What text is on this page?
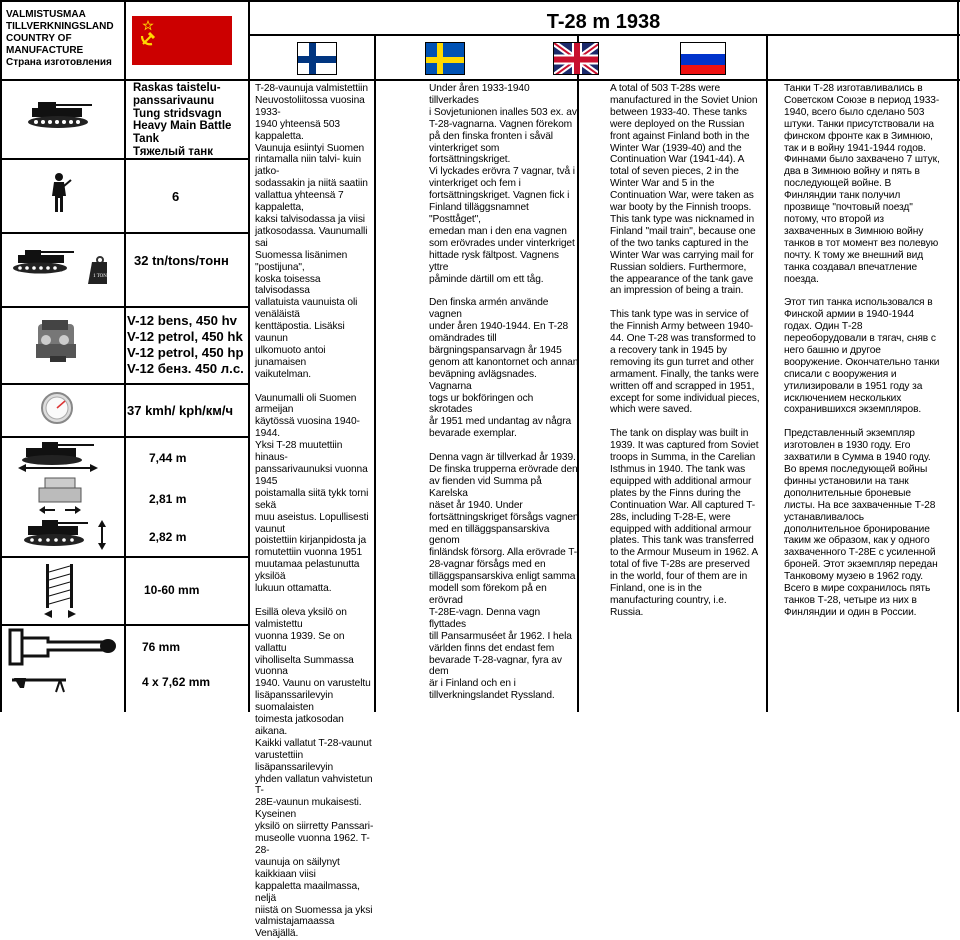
VALMISTUSMAA
TILLVERKNINGSLAND
COUNTRY OF
MANUFACTURE
Страна изготовления
T-28 m 1938
1 TON
Raskas taistelu-
panssarivaunu
Tung stridsvagn
Heavy Main Battle
Tank
Тяжелый танк
6
32 tn/tons/тонн
V-12 bens, 450 hv
V-12 petrol, 450 hk
V-12 petrol, 450 hp
V-12 бенз. 450 л.с.
37 kmh/ kph/км/ч
7,44 m
2,81 m
2,82 m
10-60 mm
76 mm
4 x 7,62 mm
T-28-vaunuja valmistettiin
Neuvostoliitossa vuosina 1933-
1940 yhteensä 503 kappaletta.
Vaunuja esiintyi Suomen
rintamalla niin talvi- kuin jatko-
sodassakin ja niitä saatiin
vallattua yhteensä 7 kappaletta,
kaksi talvisodassa ja viisi
jatkosodassa. Vaunumalli sai
Suomessa lisänimen "postijuna",
koska toisessa talvisodassa
vallatuista vaunuista oli venäläistä
kenttäpostia. Lisäksi vaunun
ulkomuoto antoi junamaisen
vaikutelman.

Vaunumalli oli Suomen armeijan
käytössä vuosina 1940-1944.
Yksi T-28 muutettiin hinaus-
panssarivaunuksi vuonna 1945
poistamalla siitä tykk torni sekä
muu aseistus. Lopullisesti vaunut
poistettiin kirjanpidosta ja
romutettiin vuonna 1951
muutamaa pelastunutta yksilöä
lukuun ottamatta.

Esillä oleva yksilö on valmistettu
vuonna 1939. Se on vallattu
viholliselta Summassa vuonna
1940. Vaunu on varusteltu
lisäpanssarilevyin suomalaisten
toimesta jatkosodan aikana.
Kaikki vallatut T-28-vaunut
varustettiin lisäpanssarilevyin
yhden vallatun vahvistetun T-
28E-vaunun mukaisesti. Kyseinen
yksilö on siirretty Panssari-
museolle vuonna 1962. T-28-
vaunuja on säilynyt kaikkiaan viisi
kappaletta maailmassa, neljä
niistä on Suomessa ja yksi
valmistajamaassa Venäjällä.
Under åren 1933-1940 tillverkades
i Sovjetunionen inalles 503 ex. av
T-28-vagnarna. Vagnen förekom
på den finska fronten i såväl
vinterkriget som fortsättningskriget.
Vi lyckades erövra 7 vagnar, två i
vinterkriget och fem i
fortsättningskriget. Vagnen fick i
Finland tilläggsnamnet "Posttåget",
emedan man i den ena vagnen
som erövrades under vinterkriget
hittade rysk fältpost. Vagnens yttre
påminde därtill om ett tåg.

Den finska armén använde vagnen
under åren 1940-1944. En T-28
omändrades till
bärgningspansarvagn år 1945
genom att kanontornet och annan
beväpning avlägsnades. Vagnarna
togs ur bokföringen och skrotades
år 1951 med undantag av några
bevarade exemplar.

Denna vagn är tillverkad år 1939.
De finska trupperna erövrade den
av fienden vid Summa på Karelska
näset år 1940. Under
fortsättningskriget försågs vagnen
med en tilläggspansarskiva genom
finländsk försorg. Alla erövrade T-
28-vagnar försågs med en
tilläggspansarskiva enligt samma
modell som förekom på en erövrad
T-28E-vagn. Denna vagn flyttades
till Pansarmuséet år 1962. I hela
världen finns det endast fem
bevarade T-28-vagnar, fyra av dem
är i Finland och en i
tillverkningslandet Ryssland.
A total of 503 T-28s were
manufactured in the Soviet Union
between 1933-40. These tanks
were deployed on the Russian
front against Finland both in the
Winter War (1939-40) and the
Continuation War (1941-44). A
total of seven pieces, 2 in the
Winter War and 5 in the
Continuation War, were taken as
war booty by the Finnish troops.
This tank type was nicknamed in
Finland "mail train", because one
of the two tanks captured in the
Winter War was carrying mail for
Russian soldiers. Furthermore,
the appearance of the tank gave
an impression of being a train.

This tank type was in service of
the Finnish Army between 1940-
44. One T-28 was transformed to
a recovery tank in 1945 by
removing its gun turret and other
armament. Finally, the tanks were
written off and scrapped in 1951,
except for some individual pieces,
which were saved.

The tank on display was built in
1939. It was captured from Soviet
troops in Summa, in the Carelian
Isthmus in 1940. The tank was
equipped with additional armour
plates by the Finns during the
Continuation War. All captured T-
28s, including T-28-E, were
equipped with additional armour
plates. This tank was transferred
to the Armour Museum in 1962. A
total of five T-28s are preserved
in the world, four of them are in
Finland, one is in the
manufacturing country, i.e.
Russia.
Танки Т-28 изготавливались в
Советском Союзе в период 1933-
1940, всего было сделано 503
штуки. Танки присутствовали на
финском фронте как в Зимнюю,
так и в войну 1941-1944 годов.
Финнами было захвачено 7 штук,
два в Зимнюю войну и пять в
последующей войне. В
Финляндии танк получил
прозвище "почтовый поезд"
потому, что второй из
захваченных в Зимнюю войну
танков в тот момент вез полевую
почту. К тому же внешний вид
танка создавал впечатление
поезда.

Этот тип танка использовался в
Финской армии в 1940-1944
годах. Один Т-28
переоборудовали в тягач, сняв с
него башню и другое
вооружение. Окончательно танки
списали с вооружения и
утилизировали в 1951 году за
исключением нескольких
сохранившихся экземпляров.

Представленный экземпляр
изготовлен в 1930 году. Его
захватили в Сумма в 1940 году.
Во время последующей войны
финны установили на танк
дополнительные броневые
листы. На все захваченные Т-28
устанавливалось
дополнительное бронирование
таким же образом, как у одного
захваченного Т-28Е с усиленной
броней. Этот экземпляр передан
Танковому музею в 1962 году.
Всего в мире сохранилось пять
танков Т-28, четыре из них в
Финляндии и один в России.
